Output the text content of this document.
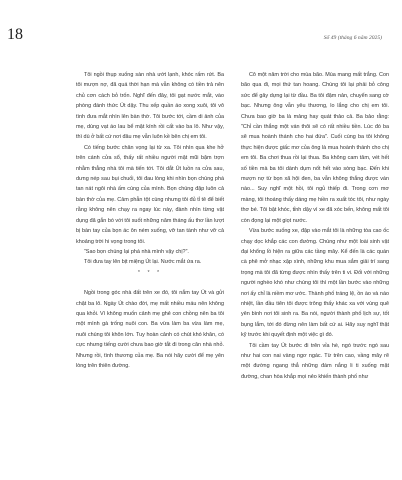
18	Số 49 (tháng 6 năm 2025)

Tôi ngồi thụp xuống sàn nhà ướt lạnh, khóc rấm rứt. Ba tôi mượn nợ, đã quá thời hạn mà vẫn không có tiền trả nên chủ cơn cách bỏ trốn. Nghĩ đến đây, tôi gạt nước mắt, vào phòng đánh thức Út dậy. Thu xếp quần áo xong xuôi, tôi vô tình đưa mắt nhìn lên bàn thờ. Tôi bước tới, cầm di ảnh của mẹ, dùng vạt áo lau bể mặt kính rồi cất vào ba lô. Như vậy, thì dù ở bất cứ nơi đâu mẹ vẫn luôn kề bên chị em tôi.

Có tiếng bước chân vọng lại từ xa. Tôi nhìn qua khe hở trên cánh cửa sổ, thấy rất nhiều người mặt mũi bặm trợn nhằm thẳng nhà tôi mà tiến tới. Tôi dắt Út luồn ra cửa sau, dưng nép sau bụi chuối, tôi đau lòng khi nhìn bọn chúng phá tan nát ngôi nhà ấm cúng của mình. Bọn chúng đập luôn cả bàn thờ của mẹ. Cảm phẫn tột cùng nhưng tôi đủ tỉ tê để biết rằng không nên chạy ra ngay lúc này, đành nhìn từng vật dụng đã gắn bó với tôi suốt những năm tháng ấu thơ lần lượt bị bàn tay của bọn ác ôn ném xuống, vỡ tan tành như vỡ cả khoảng trời hi vọng trong tôi.

“Sao bọn chúng lại phá nhà mình vậy chị?”.

Tôi đưa tay lên bịt miệng Út lại. Nước mắt ứa ra.

* * *

Ngồi trong góc nhà đất trên xe đó, tôi nắm tay Út và gửi chặt ba lô. Ngày Út chào đời, mẹ mất nhiều máu nên không qua khỏi. Vì không muốn cảnh mẹ ghẻ con chồng nên ba tôi một mình gà trống nuôi con. Ba vừa làm ba vừa làm mẹ, nuôi chúng tôi khôn lớn. Tuy hoàn cảnh có chút khó khăn, có cực nhưng tiếng cười chưa bao giờ tắt đi trong căn nhà nhỏ. Nhưng rồi, tình thương của mẹ. Ba nói hãy cười để mẹ yên lòng trên thiên đường.

Cô một năm trời cho mùa bão. Mùa mang mất trắng. Con bão qua đi, mọi thứ tan hoang. Chúng tôi lại phải bỏ công sức để gây dựng lại từ đầu. Ba tôi đậm nản, chuyển sang cờ bạc. Nhưng ông vẫn yêu thương, lo lắng cho chị em tôi. Chưa bao giờ ba là mảng hay quát thảo cả. Ba bảo rằng: "Chỉ cần thắng một ván thôi sẽ có rất nhiều tiền. Lúc đó ba sẽ mua hoành thánh cho hai đứa". Cuối cùng ba tôi không thực hiện được giấc mơ của ông là mua hoành thánh cho chị em tôi. Ba chơi thua rồi lại thua. Ba không cam tâm, vét hết số tiền mà ba tôi dành dụm nốt hết vào sòng bạc. Đến khi mượn nợ từ bọn xã hội đen, ba vẫn không thắng được ván nào... Suy nghĩ một hồi, tôi ngủ thiếp đi. Trong cơn mơ màng, tôi thoáng thấy dáng mẹ hiền ra xuất tóc tôi, như ngày thơ bé. Tôi bật khóc, tỉnh dậy vì xe đã xóc bến, không mất tôi còn đọng lại một giọt nước.

Vừa bước xuống xe, đập vào mắt tôi là những tòa cao ốc chạy dọc khắp các con đường. Chúng như một loài sinh vật đại khổng lồ hiện ra giữa các tầng mây. Kể đến là các quán cà phê mở nhạc xập xình, những khu mua sắm giải trí sang trọng mà tôi đã từng được nhìn thấy trên ti vi. Đối với những người nghèo khó như chúng tôi thì một lần bước vào những nơi ấy chỉ là niềm mơ ước. Thành phố tráng lệ, ồn ào và náo nhiệt, lần đầu tiên tôi được trông thấy khác xa với vùng quê yên bình nơi tôi sinh ra. Ba nói, người thành phố lịch sự, tốt bụng lắm, tới đó đừng nên làm bất cứ ai. Hãy suy nghĩ thật kỹ trước khi quyết định một việc gì đó.

Tôi cầm tay Út bước đi trên vỉa hè, ngó trước ngó sau như hai con nai vàng ngơ ngác. Từ trên cao, vầng mây rẽ một đường ngang thẳ những đám nắng li ti xuống mặt đường, chan hòa khắp mọi nẻo khiến thành phố như
